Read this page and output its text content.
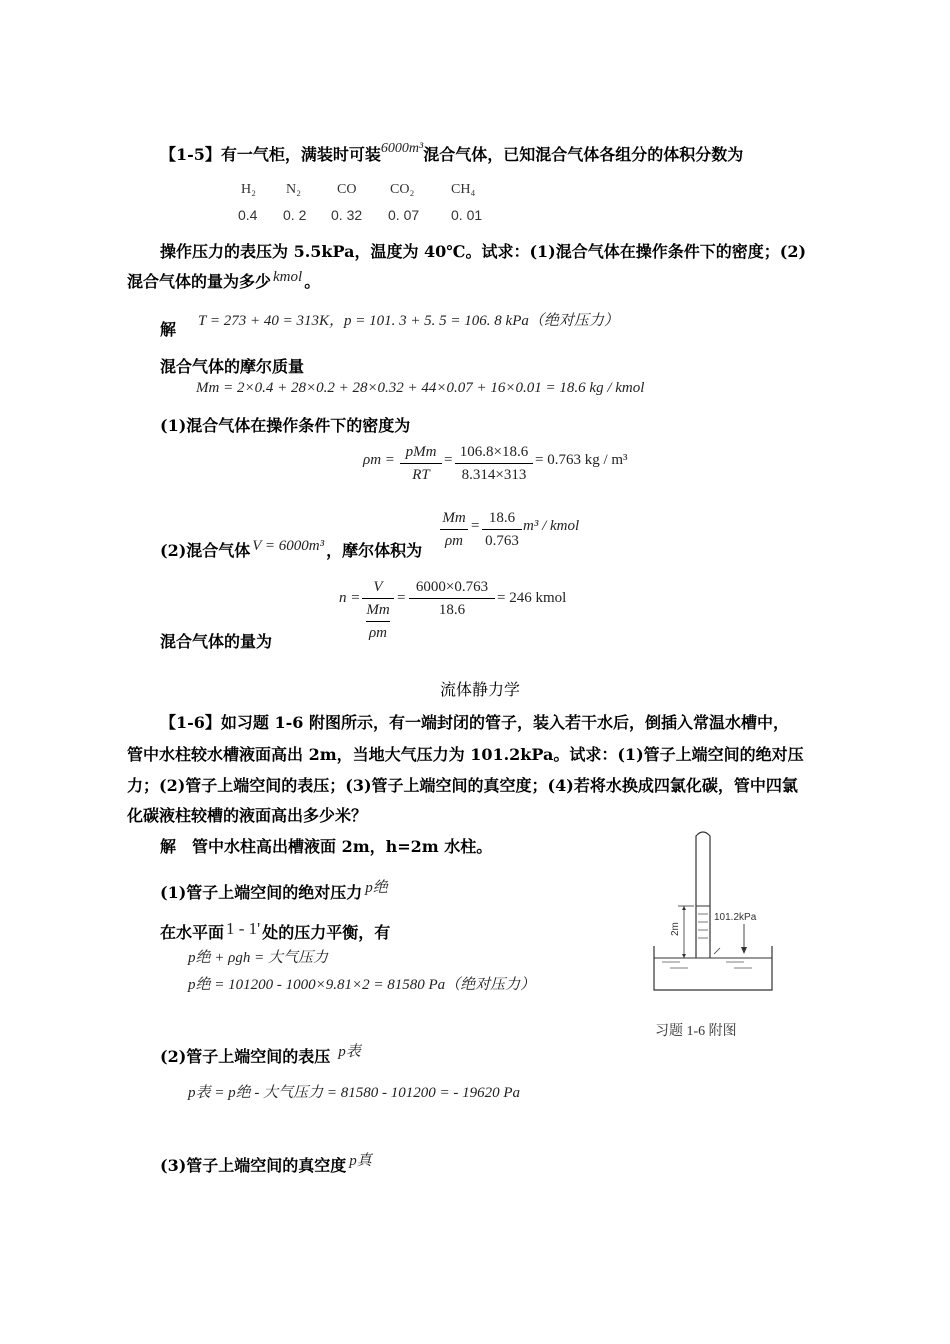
【1-5】有一气柜，满装时可装6000m³混合气体，已知混合气体各组分的体积分数为
H₂ N₂	CO CO₂	CH₄
0.4 0. 2 0. 32 0. 07 0. 01
操作压力的表压为 5.5kPa，温度为 40℃。试求：(1)混合气体在操作条件下的密度；(2)
混合气体的量为多少 kmol 。
解 T = 273 + 40 = 313K，p = 101. 3 + 5. 5 = 106. 8 kPa（绝对压力）
混合气体的摩尔质量
Mm = 2×0.4 + 28×0.2 + 28×0.32 + 44×0.07 + 16×0.01 = 18.6 kg / kmol
(1)混合气体在操作条件下的密度为
ρm = pMm
RT
= 106.8×18.6
8.314×313
= 0.763 kg / m³
(2)混合气体 V = 6000m³ ，摩尔体积为
Mm
ρm
= 18.6
0.763
m³ / kmol
n =
V
Mm
ρm
=
6000×0.763
18.6
= 246 kmol
混合气体的量为
流体静力学
【1-6】如习题 1-6 附图所示，有一端封闭的管子，装入若干水后，倒插入常温水槽中，
管中水柱较水槽液面高出 2m，当地大气压力为 101.2kPa。试求：(1)管子上端空间的绝对压
力；(2)管子上端空间的表压；(3)管子上端空间的真空度；(4)若将水换成四氯化碳，管中四氯
化碳液柱较槽的液面高出多少米？
解　管中水柱高出槽液面 2m，h=2m 水柱。
(1)管子上端空间的绝对压力 p绝
在水平面 1 - 1' 处的压力平衡，有
p绝 + ρgh = 大气压力
p绝 = 101200 - 1000×9.81×2 = 81580 Pa（绝对压力）
(2)管子上端空间的表压 p表
p表 = p绝 - 大气压力 = 81580 - 101200 = - 19620 Pa
(3)管子上端空间的真空度 p真
2m
101.2kPa
习题 1-6 附图
